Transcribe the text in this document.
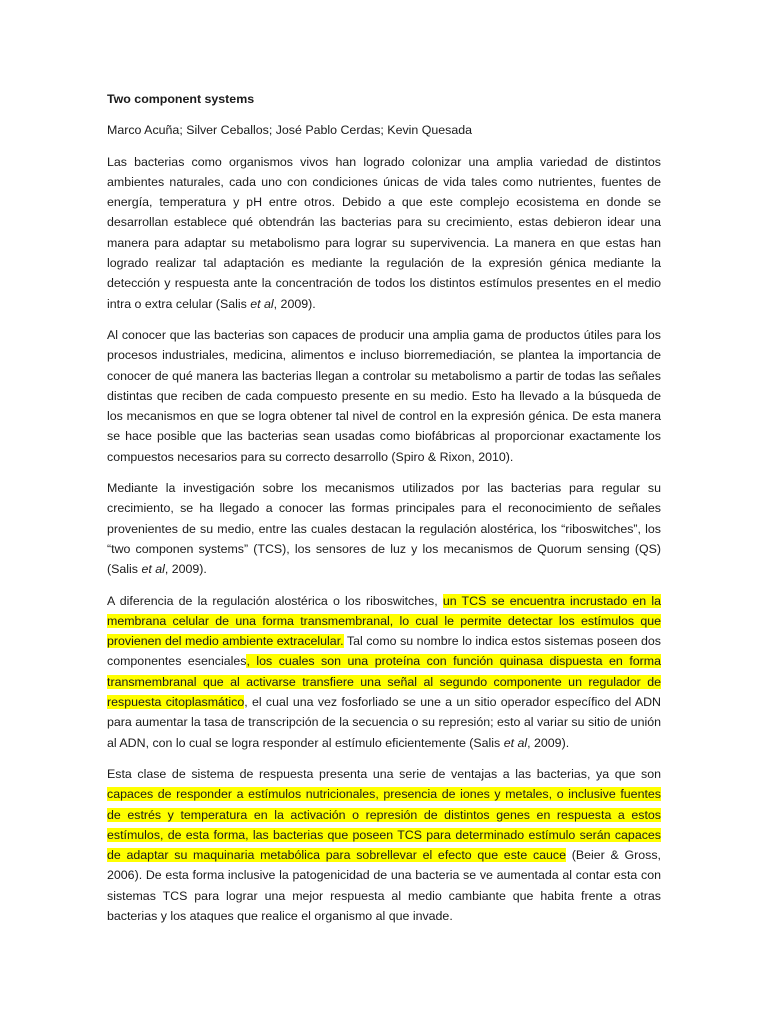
Two component systems

Marco Acuña; Silver Ceballos; José Pablo Cerdas; Kevin Quesada

Las bacterias como organismos vivos han logrado colonizar una amplia variedad de distintos ambientes naturales, cada uno con condiciones únicas de vida tales como nutrientes, fuentes de energía, temperatura y pH entre otros. Debido a que este complejo ecosistema en donde se desarrollan establece qué obtendrán las bacterias para su crecimiento, estas debieron idear una manera para adaptar su metabolismo para lograr su supervivencia. La manera en que estas han logrado realizar tal adaptación es mediante la regulación de la expresión génica mediante la detección y respuesta ante la concentración de todos los distintos estímulos presentes en el medio intra o extra celular (Salis et al, 2009).

Al conocer que las bacterias son capaces de producir una amplia gama de productos útiles para los procesos industriales, medicina, alimentos e incluso biorremediación, se plantea la importancia de conocer de qué manera las bacterias llegan a controlar su metabolismo a partir de todas las señales distintas que reciben de cada compuesto presente en su medio. Esto ha llevado a la búsqueda de los mecanismos en que se logra obtener tal nivel de control en la expresión génica. De esta manera se hace posible que las bacterias sean usadas como biofábricas al proporcionar exactamente los compuestos necesarios para su correcto desarrollo (Spiro & Rixon, 2010).

Mediante la investigación sobre los mecanismos utilizados por las bacterias para regular su crecimiento, se ha llegado a conocer las formas principales para el reconocimiento de señales provenientes de su medio, entre las cuales destacan la regulación alostérica, los “riboswitches”, los “two componen systems” (TCS), los sensores de luz y los mecanismos de Quorum sensing (QS) (Salis et al, 2009).

A diferencia de la regulación alostérica o los riboswitches, un TCS se encuentra incrustado en la membrana celular de una forma transmembranal, lo cual le permite detectar los estímulos que provienen del medio ambiente extracelular. Tal como su nombre lo indica estos sistemas poseen dos componentes esenciales, los cuales son una proteína con función quinasa dispuesta en forma transmembranal que al activarse transfiere una señal al segundo componente un regulador de respuesta citoplasmático, el cual una vez fosforliado se une a un sitio operador específico del ADN para aumentar la tasa de transcripción de la secuencia o su represión; esto al variar su sitio de unión al ADN, con lo cual se logra responder al estímulo eficientemente (Salis et al, 2009).

Esta clase de sistema de respuesta presenta una serie de ventajas a las bacterias, ya que son capaces de responder a estímulos nutricionales, presencia de iones y metales, o inclusive fuentes de estrés y temperatura en la activación o represión de distintos genes en respuesta a estos estímulos, de esta forma, las bacterias que poseen TCS para determinado estímulo serán capaces de adaptar su maquinaria metabólica para sobrellevar el efecto que este cauce (Beier & Gross, 2006). De esta forma inclusive la patogenicidad de una bacteria se ve aumentada al contar esta con sistemas TCS para lograr una mejor respuesta al medio cambiante que habita frente a otras bacterias y los ataques que realice el organismo al que invade.
